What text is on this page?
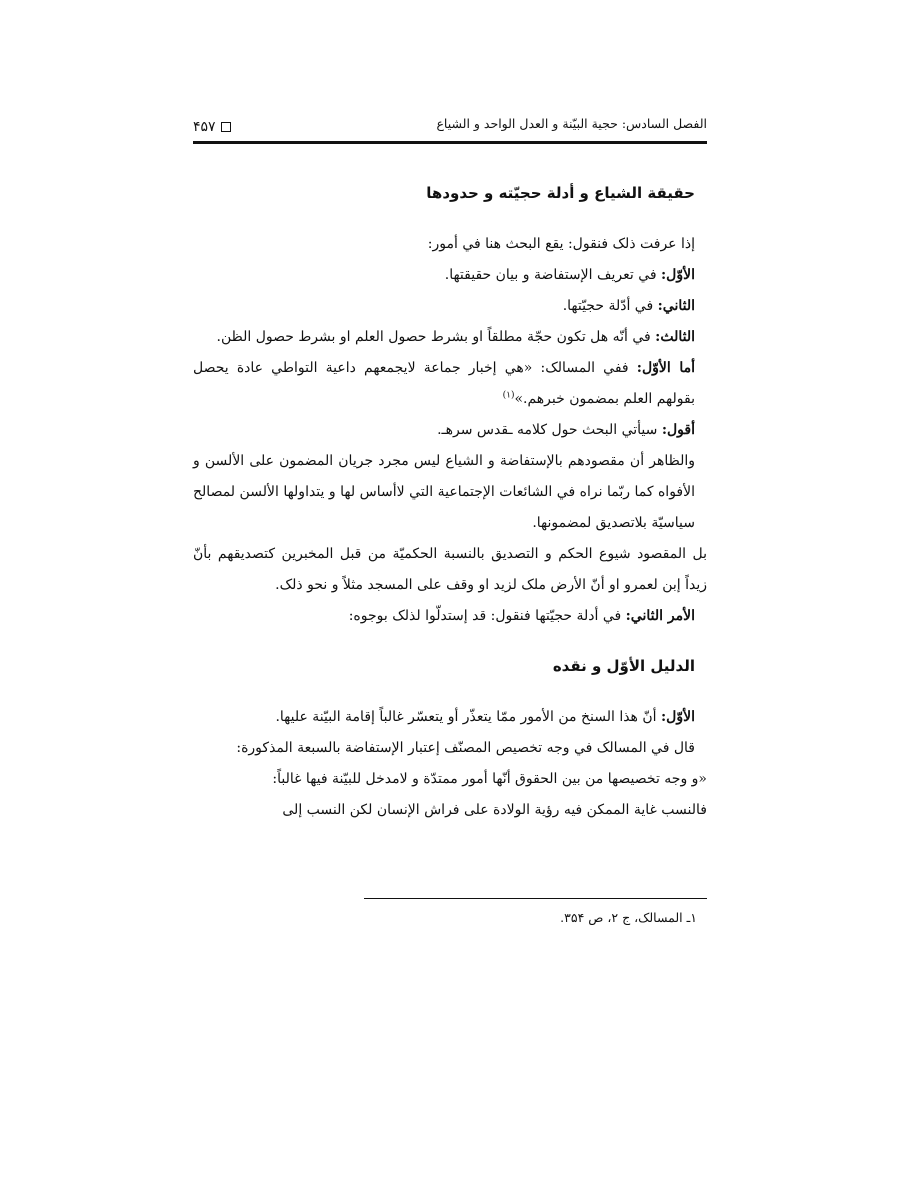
الفصل السادس: حجية البيّنة و العدل الواحد و الشياع
۴۵۷
حقيقة الشياع و أدلة حجيّته و حدودها

إذا عرفت ذلک فنقول: يقع البحث هنا في أمور:

الأوّل: في تعريف الإستفاضة و بيان حقيقتها.

الثاني: في أدّلة حجيّتها.

الثالث: في أنّه هل تكون حجّة مطلقاً او بشرط حصول العلم او بشرط حصول الظن.

أما الأوّل: ففي المسالک: «هي إخبار جماعة لايجمعهم داعية التواطي عادة يحصل بقولهم العلم بمضمون خبرهم.»$^{(۱)}$

أقول: سيأتي البحث حول کلامه ـقدس سرهـ.

والظاهر أن مقصودهم بالإستفاضة و الشياع ليس مجرد جريان المضمون على الألسن و الأفواه کما ربّما نراه في الشائعات الإجتماعية التي لاأساس لها و يتداولها الألسن لمصالح سياسيّة بلاتصديق لمضمونها.

بل المقصود شيوع الحکم و التصديق بالنسبة الحکميّة من قبل المخبرين کتصديقهم بأنّ زيداً إبن لعمرو او أنّ الأرض ملک لزيد او وقف على المسجد مثلاً و نحو ذلک.

الأمر الثاني: في أدلة حجيّتها فنقول: قد إستدلّوا لذلک بوجوه:

الدليل الأوّل و نقده

الأوّل: أنّ هذا السنخ من الأمور ممّا يتعذّر أو يتعسّر غالباً إقامة البيّنة عليها.

قال في المسالک في وجه تخصيص المصنّف إعتبار الإستفاضة بالسبعة المذکورة:

«و وجه تخصيصها من بين الحقوق أنّها أمور ممتدّة و لامدخل للبيّنة فيها غالباً:

فالنسب غاية الممکن فيه رؤية الولادة على فراش الإنسان لکن النسب إلى

۱ـ المسالک، ج ۲، ص ۳۵۴.
